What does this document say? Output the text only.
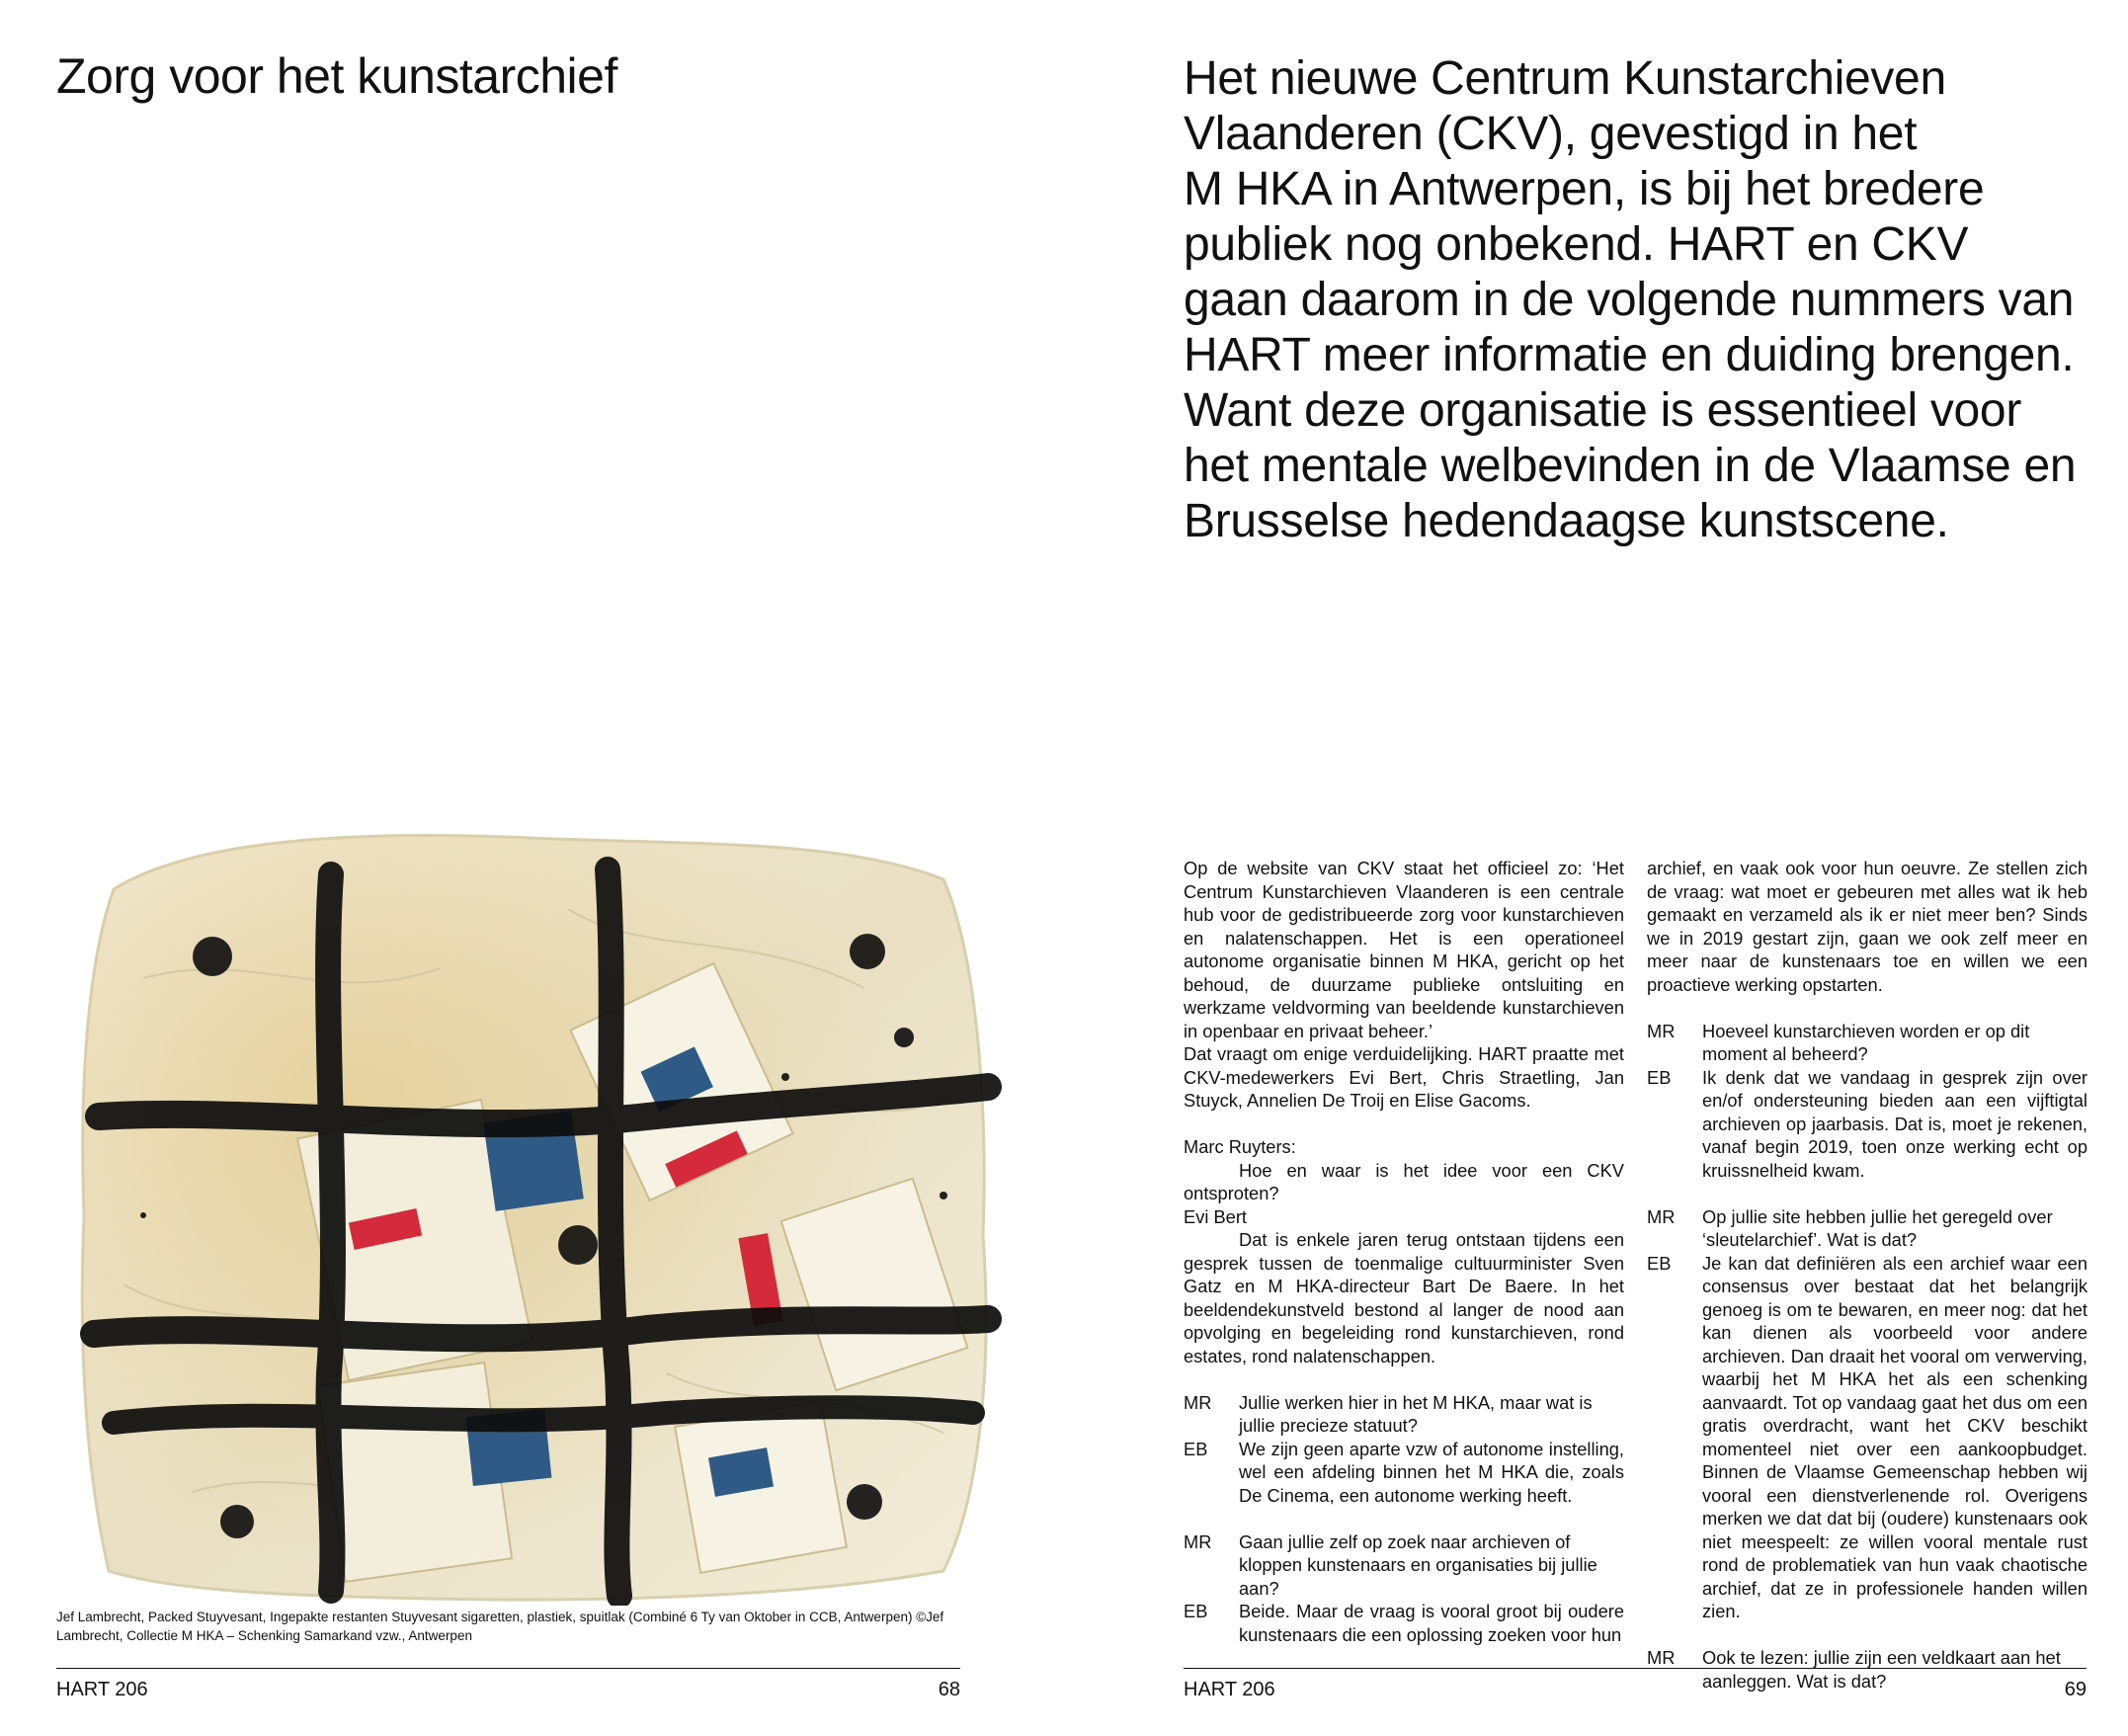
Zorg voor het kunstarchief
Jef Lambrecht, Packed Stuyvesant, Ingepakte restanten Stuyvesant sigaretten, plastiek, spuitlak (Combiné 6 Ty van Oktober in CCB, Antwerpen) ©Jef Lambrecht, Collectie M HKA – Schenking Samarkand vzw., Antwerpen
HART 206	68
Het nieuwe Centrum Kunstarchieven
Vlaanderen (CKV), gevestigd in het
M HKA in Antwerpen, is bij het bredere
publiek nog onbekend. HART en CKV
gaan daarom in de volgende nummers van
HART meer informatie en duiding brengen.
Want deze organisatie is essentieel voor
het mentale welbevinden in de Vlaamse en
Brusselse hedendaagse kunstscene.

Op de website van CKV staat het officieel zo: ‘Het Centrum Kunstarchieven Vlaanderen is een centrale hub voor de gedistribueerde zorg voor kunstarchieven en nalatenschappen. Het is een operationeel autonome organisatie binnen M HKA, gericht op het behoud, de duurzame publieke ontsluiting en werkzame veldvorming van beeldende kunstarchieven in openbaar en privaat beheer.’

Dat vraagt om enige verduidelijking. HART praatte met CKV-medewerkers Evi Bert, Chris Straetling, Jan Stuyck, Annelien De Troij en Elise Gacoms.

Marc Ruyters:

Hoe en waar is het idee voor een CKV ontsproten?

Evi Bert

Dat is enkele jaren terug ontstaan tijdens een gesprek tussen de toenmalige cultuurminister Sven Gatz en M HKA-directeur Bart De Baere. In het beeldendekunstveld bestond al langer de nood aan opvolging en begeleiding rond kunstarchieven, rond estates, rond nalatenschappen.

MR	Jullie werken hier in het M HKA, maar wat is jullie precieze statuut?
EB	We zijn geen aparte vzw of autonome instelling, wel een afdeling binnen het M HKA die, zoals De Cinema, een autonome werking heeft.
MR	Gaan jullie zelf op zoek naar archieven of kloppen kunstenaars en organisaties bij jullie aan?
EB	Beide. Maar de vraag is vooral groot bij oudere kunstenaars die een oplossing zoeken voor hun

archief, en vaak ook voor hun oeuvre. Ze stellen zich de vraag: wat moet er gebeuren met alles wat ik heb gemaakt en verzameld als ik er niet meer ben? Sinds we in 2019 gestart zijn, gaan we ook zelf meer en meer naar de kunstenaars toe en willen we een proactieve werking opstarten.

MR	Hoeveel kunstarchieven worden er op dit moment al beheerd?
EB	Ik denk dat we vandaag in gesprek zijn over en/of ondersteuning bieden aan een vijftigtal archieven op jaarbasis. Dat is, moet je rekenen, vanaf begin 2019, toen onze werking echt op kruissnelheid kwam.
MR	Op jullie site hebben jullie het geregeld over ‘sleutelarchief’. Wat is dat?
EB	Je kan dat definiëren als een archief waar een consensus over bestaat dat het belangrijk genoeg is om te bewaren, en meer nog: dat het kan dienen als voorbeeld voor andere archieven. Dan draait het vooral om verwerving, waarbij het M HKA het als een schenking aanvaardt. Tot op vandaag gaat het dus om een gratis overdracht, want het CKV beschikt momenteel niet over een aankoopbudget. Binnen de Vlaamse Gemeenschap hebben wij vooral een dienstverlenende rol. Overigens merken we dat dat bij (oudere) kunstenaars ook niet meespeelt: ze willen vooral mentale rust rond de problematiek van hun vaak chaotische archief, dat ze in professionele handen willen zien.
MR	Ook te lezen: jullie zijn een veldkaart aan het aanleggen. Wat is dat?
HART 206	69
